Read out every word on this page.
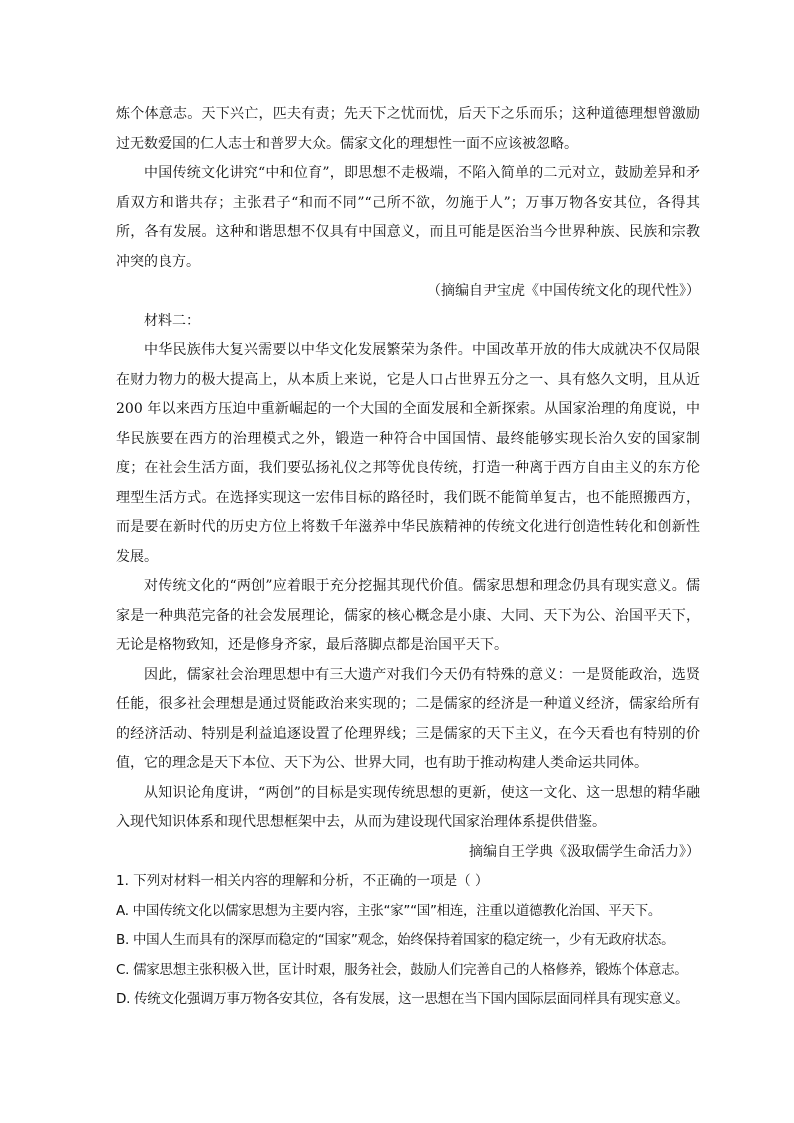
炼个体意志。天下兴亡，匹夫有责；先天下之忧而忧，后天下之乐而乐；这种道德理想曾激励过无数爱国的仁人志士和普罗大众。儒家文化的理想性一面不应该被忽略。

中国传统文化讲究“中和位育”，即思想不走极端，不陷入简单的二元对立，鼓励差异和矛盾双方和谐共存；主张君子“和而不同”“己所不欲，勿施于人”；万事万物各安其位，各得其所，各有发展。这种和谐思想不仅具有中国意义，而且可能是医治当今世界种族、民族和宗教冲突的良方。

（摘编自尹宝虎《中国传统文化的现代性》）

材料二：

中华民族伟大复兴需要以中华文化发展繁荣为条件。中国改革开放的伟大成就决不仅局限在财力物力的极大提高上，从本质上来说，它是人口占世界五分之一、具有悠久文明，且从近 200 年以来西方压迫中重新崛起的一个大国的全面发展和全新探索。从国家治理的角度说，中华民族要在西方的治理模式之外，锻造一种符合中国国情、最终能够实现长治久安的国家制度；在社会生活方面，我们要弘扬礼仪之邦等优良传统，打造一种离于西方自由主义的东方伦理型生活方式。在选择实现这一宏伟目标的路径时，我们既不能简单复古，也不能照搬西方，而是要在新时代的历史方位上将数千年滋养中华民族精神的传统文化进行创造性转化和创新性发展。

对传统文化的“两创”应着眼于充分挖掘其现代价值。儒家思想和理念仍具有现实意义。儒家是一种典范完备的社会发展理论，儒家的核心概念是小康、大同、天下为公、治国平天下，无论是格物致知，还是修身齐家，最后落脚点都是治国平天下。

因此，儒家社会治理思想中有三大遗产对我们今天仍有特殊的意义：一是贤能政治，选贤任能，很多社会理想是通过贤能政治来实现的；二是儒家的经济是一种道义经济，儒家给所有的经济活动、特别是利益追逐设置了伦理界线；三是儒家的天下主义，在今天看也有特别的价值，它的理念是天下本位、天下为公、世界大同，也有助于推动构建人类命运共同体。

从知识论角度讲，“两创”的目标是实现传统思想的更新，使这一文化、这一思想的精华融入现代知识体系和现代思想框架中去，从而为建设现代国家治理体系提供借鉴。

摘编自王学典《汲取儒学生命活力》）

1. 下列对材料一相关内容的理解和分析，不正确的一项是（ ）

A. 中国传统文化以儒家思想为主要内容，主张“家”“国”相连，注重以道德教化治国、平天下。
B. 中国人生而具有的深厚而稳定的“国家”观念，始终保持着国家的稳定统一，少有无政府状态。
C. 儒家思想主张积极入世，匡计时艰，服务社会，鼓励人们完善自己的人格修养，锻炼个体意志。
D. 传统文化强调万事万物各安其位，各有发展，这一思想在当下国内国际层面同样具有现实意义。
